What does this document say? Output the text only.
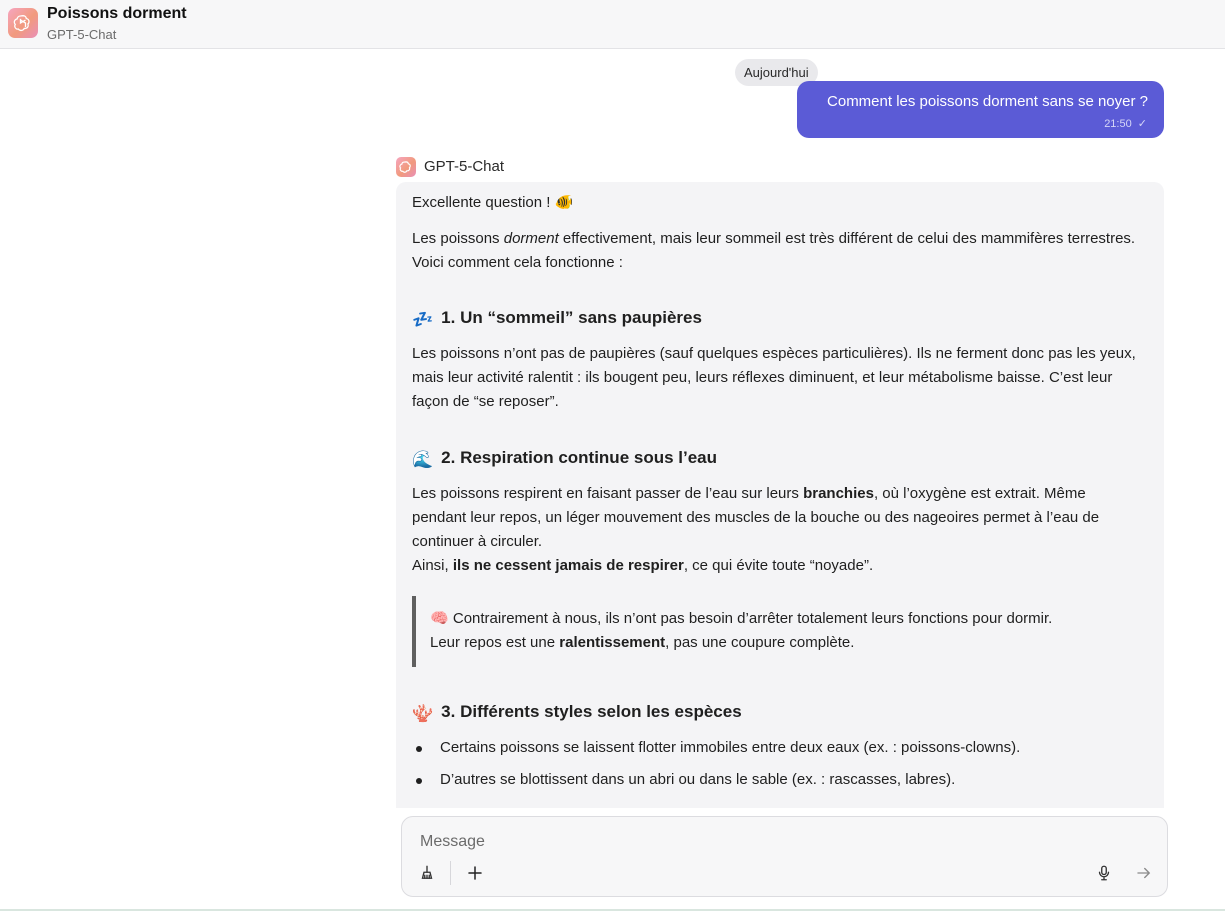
Poissons dorment
GPT-5-Chat
Aujourd'hui
Comment les poissons dorment sans se noyer ?
21:50 ✓
GPT-5-Chat
Excellente question ! 🐠
Les poissons dorment effectivement, mais leur sommeil est très différent de celui des mammifères terrestres. Voici comment cela fonctionne :
💤 1. Un “sommeil” sans paupières
Les poissons n’ont pas de paupières (sauf quelques espèces particulières). Ils ne ferment donc pas les yeux, mais leur activité ralentit : ils bougent peu, leurs réflexes diminuent, et leur métabolisme baisse. C’est leur façon de “se reposer”.
🌊 2. Respiration continue sous l’eau
Les poissons respirent en faisant passer de l’eau sur leurs branchies, où l’oxygène est extrait. Même pendant leur repos, un léger mouvement des muscles de la bouche ou des nageoires permet à l’eau de continuer à circuler.
Ainsi, ils ne cessent jamais de respirer, ce qui évite toute “noyade”.
🧠 Contrairement à nous, ils n’ont pas besoin d’arrêter totalement leurs fonctions pour dormir.
Leur repos est une ralentissement, pas une coupure complète.
🪸 3. Différents styles selon les espèces
Certains poissons se laissent flotter immobiles entre deux eaux (ex. : poissons-clowns).
D’autres se blottissent dans un abri ou dans le sable (ex. : rascasses, labres).
Message
